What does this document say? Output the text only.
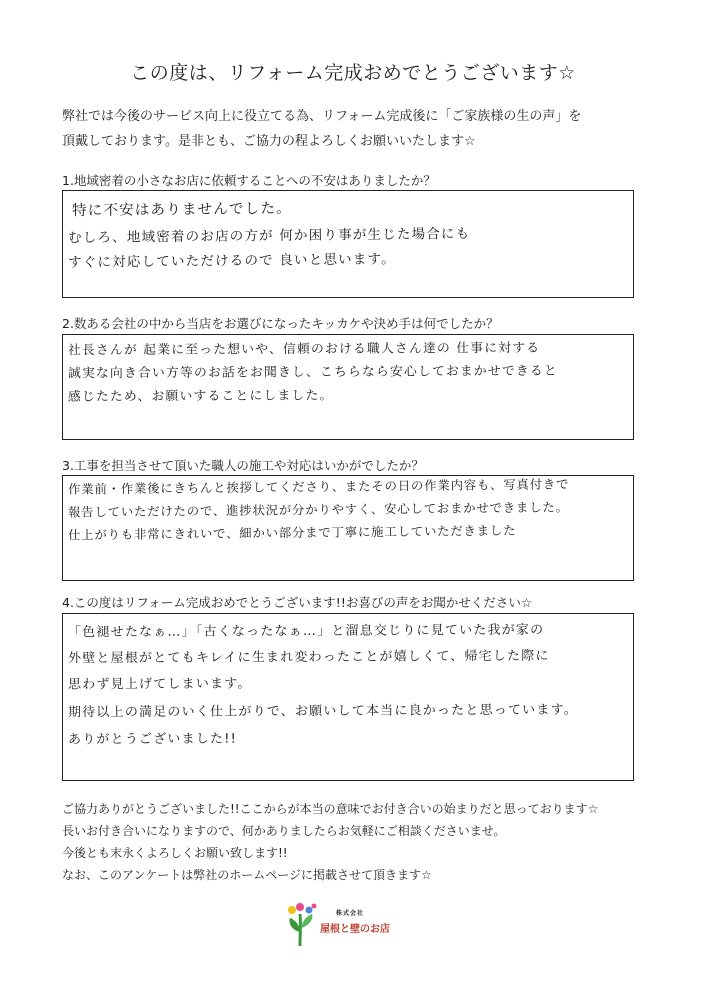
この度は、リフォーム完成おめでとうございます☆
弊社では今後のサービス向上に役立てる為、リフォーム完成後に「ご家族様の生の声」を
頂戴しております。是非とも、ご協力の程よろしくお願いいたします☆
1.地域密着の小さなお店に依頼することへの不安はありましたか？
特に不安はありませんでした。
むしろ、地域密着のお店の方が 何か困り事が生じた場合にも
すぐに対応していただけるので 良いと思います。
2.数ある会社の中から当店をお選びになったキッカケや決め手は何でしたか？
社長さんが 起業に至った想いや、信頼のおける職人さん達の 仕事に対する
誠実な向き合い方等のお話をお聞きし、こちらなら安心しておまかせできると
感じたため、お願いすることにしました。
3.工事を担当させて頂いた職人の施工や対応はいかがでしたか？
作業前・作業後にきちんと挨拶してくださり、またその日の作業内容も、写真付きで
報告していただけたので、進捗状況が分かりやすく、安心しておまかせできました。
仕上がりも非常にきれいで、細かい部分まで丁寧に施工していただきました
4.この度はリフォーム完成おめでとうございます!!お喜びの声をお聞かせください☆
「色褪せたなぁ…」「古くなったなぁ…」と溜息交じりに見ていた我が家の
外壁と屋根がとてもキレイに生まれ変わったことが嬉しくて、帰宅した際に
思わず見上げてしまいます。
期待以上の満足のいく仕上がりで、お願いして本当に良かったと思っています。
ありがとうございました!!
ご協力ありがとうございました!!ここからが本当の意味でお付き合いの始まりだと思っております☆
長いお付き合いになりますので、何かありましたらお気軽にご相談くださいませ。
今後とも末永くよろしくお願い致します!!
なお、このアンケートは弊社のホームページに掲載させて頂きます☆
株式会社
屋根と壁のお店
